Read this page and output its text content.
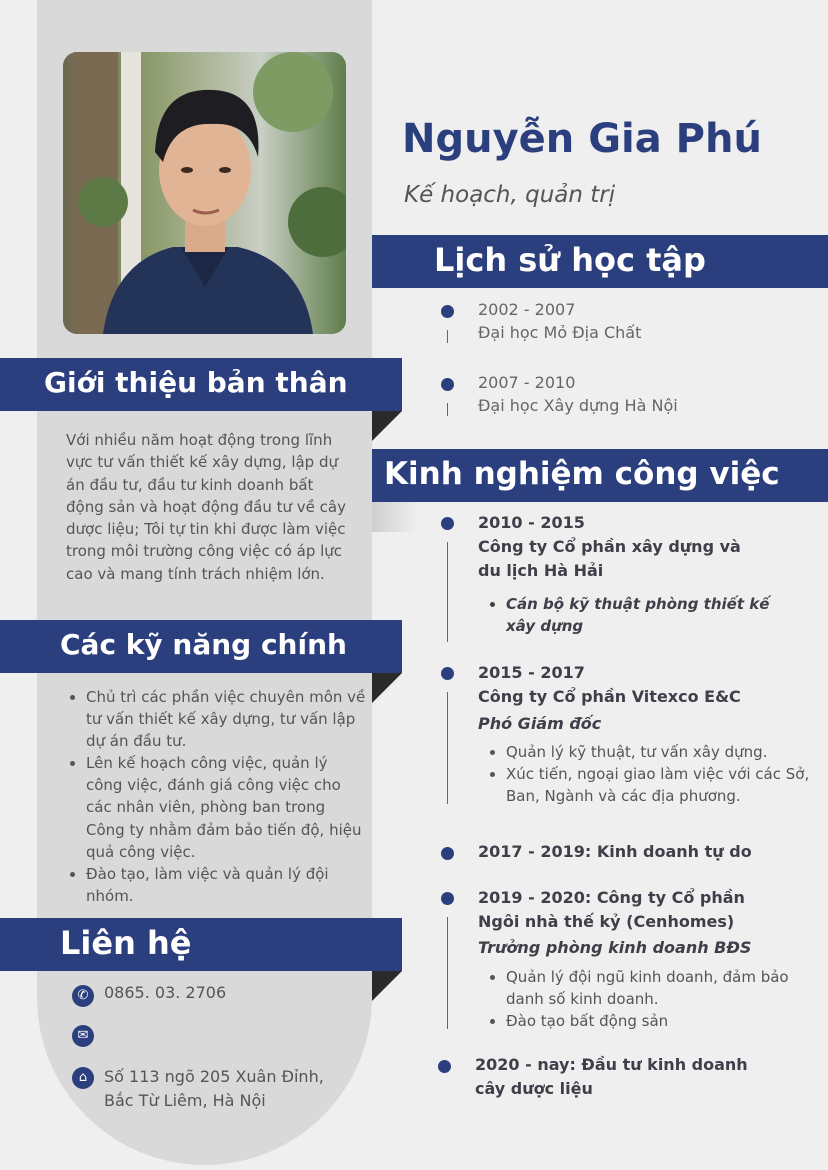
Nguyễn Gia Phú
Kế hoạch, quản trị
Lịch sử học tập
2002 - 2007
Đại học Mỏ Địa Chất
2007 - 2010
Đại học Xây dựng Hà Nội
Kinh nghiệm công việc
2010 - 2015
Công ty Cổ phần xây dựng và du lịch Hà Hải
• Cán bộ kỹ thuật phòng thiết kế xây dựng
2015 - 2017
Công ty Cổ phần Vitexco E&C
Phó Giám đốc
• Quản lý kỹ thuật, tư vấn xây dựng.
• Xúc tiến, ngoại giao làm việc với các Sở, Ban, Ngành và các địa phương.
2017 - 2019: Kinh doanh tự do
2019 - 2020: Công ty Cổ phần Ngôi nhà thế kỷ (Cenhomes)
Trưởng phòng kinh doanh BĐS
• Quản lý đội ngũ kinh doanh, đảm bảo danh số kinh doanh.
• Đào tạo bất động sản
2020 - nay: Đầu tư kinh doanh cây dược liệu
Giới thiệu bản thân
Với nhiều năm hoạt động trong lĩnh vực tư vấn thiết kế xây dựng, lập dự án đầu tư, đầu tư kinh doanh bất động sản và hoạt động đầu tư về cây dược liệu; Tôi tự tin khi được làm việc trong môi trường công việc có áp lực cao và mang tính trách nhiệm lớn.
Các kỹ năng chính
• Chủ trì các phần việc chuyên môn về tư vấn thiết kế xây dựng, tư vấn lập dự án đầu tư.
• Lên kế hoạch công việc, quản lý công việc, đánh giá công việc cho các nhân viên, phòng ban trong Công ty nhằm đảm bảo tiến độ, hiệu quả công việc.
• Đào tạo, làm việc và quản lý đội nhóm.
Liên hệ
✆ 0865. 03. 2706
✉
⌂	Số 113 ngõ 205 Xuân Đỉnh, Bắc Từ Liêm, Hà Nội
